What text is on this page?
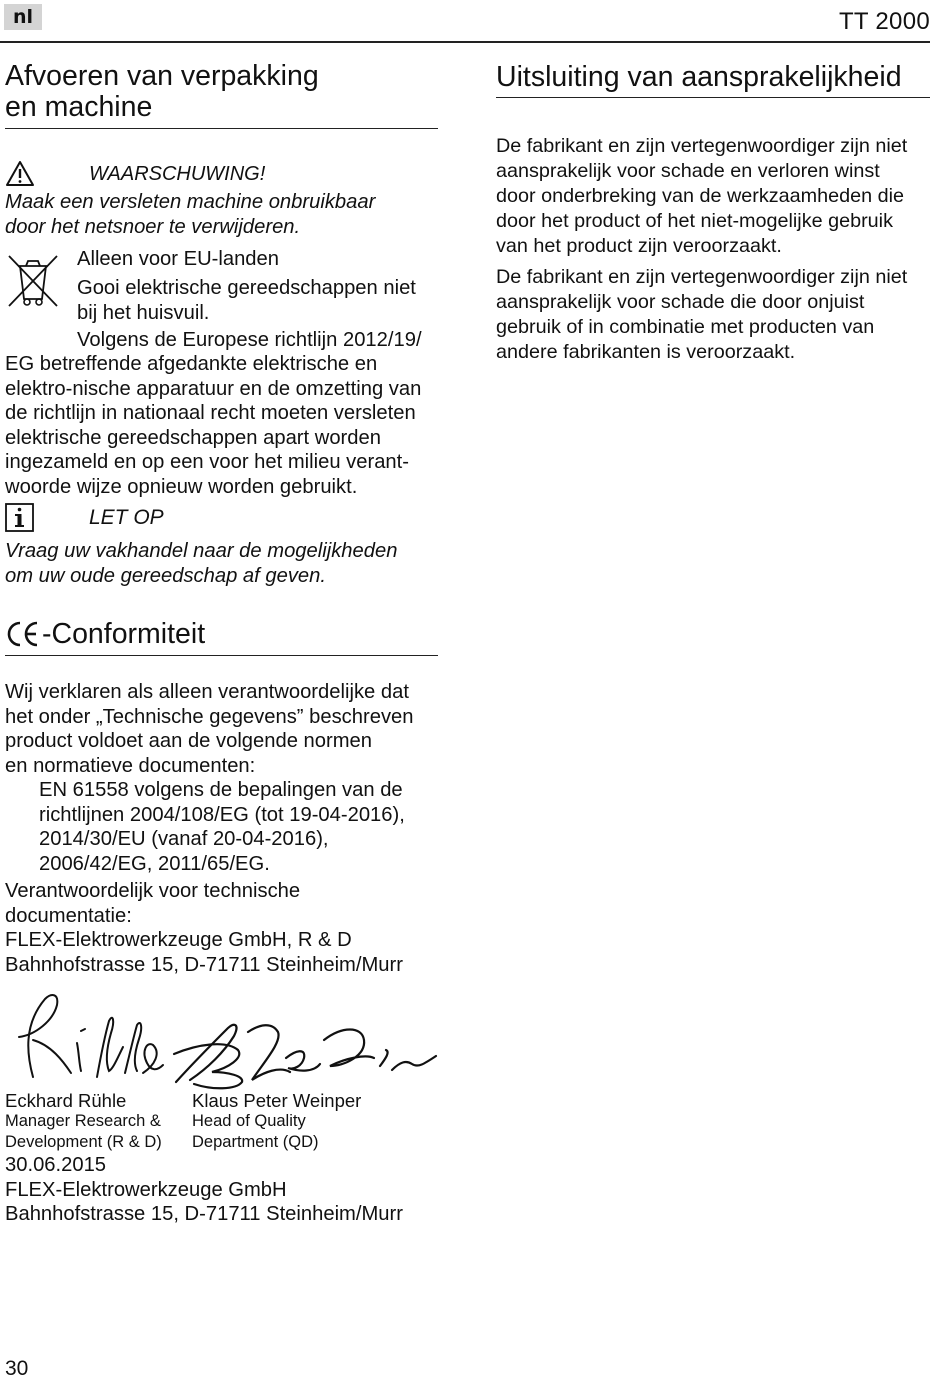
nl	TT 2000
Afvoeren van verpakking
en machine
WAARSCHUWING!
Maak een versleten machine onbruikbaar
door het netsnoer te verwijderen.
Alleen voor EU-landen
Gooi elektrische gereedschappen niet
bij het huisvuil.
Volgens de Europese richtlijn 2012/19/
EG betreffende afgedankte elektrische en
elektro-nische apparatuur en de omzetting van
de richtlijn in nationaal recht moeten versleten
elektrische gereedschappen apart worden
ingezameld en op een voor het milieu verant-
woorde wijze opnieuw worden gebruikt.
LET OP
Vraag uw vakhandel naar de mogelijkheden
om uw oude gereedschap af geven.
-Conformiteit
Wij verklaren als alleen verantwoordelijke dat
het onder „Technische gegevens” beschreven
product voldoet aan de volgende normen
en normatieve documenten:
EN 61558 volgens de bepalingen van de
richtlijnen 2004/108/EG (tot 19-04-2016),
2014/30/EU (vanaf 20-04-2016),
2006/42/EG, 2011/65/EG.
Verantwoordelijk voor technische
documentatie:
FLEX-Elektrowerkzeuge GmbH, R & D
Bahnhofstrasse 15, D-71711 Steinheim/Murr
Eckhard Rühle
Manager Research &
Development (R & D)
Klaus Peter Weinper
Head of Quality
Department (QD)
30.06.2015
FLEX-Elektrowerkzeuge GmbH
Bahnhofstrasse 15, D-71711 Steinheim/Murr
Uitsluiting van aansprakelijkheid
De fabrikant en zijn vertegenwoordiger zijn niet
aansprakelijk voor schade en verloren winst
door onderbreking van de werkzaamheden die
door het product of het niet-mogelijke gebruik
van het product zijn veroorzaakt.
De fabrikant en zijn vertegenwoordiger zijn niet
aansprakelijk voor schade die door onjuist
gebruik of in combinatie met producten van
andere fabrikanten is veroorzaakt.
30
